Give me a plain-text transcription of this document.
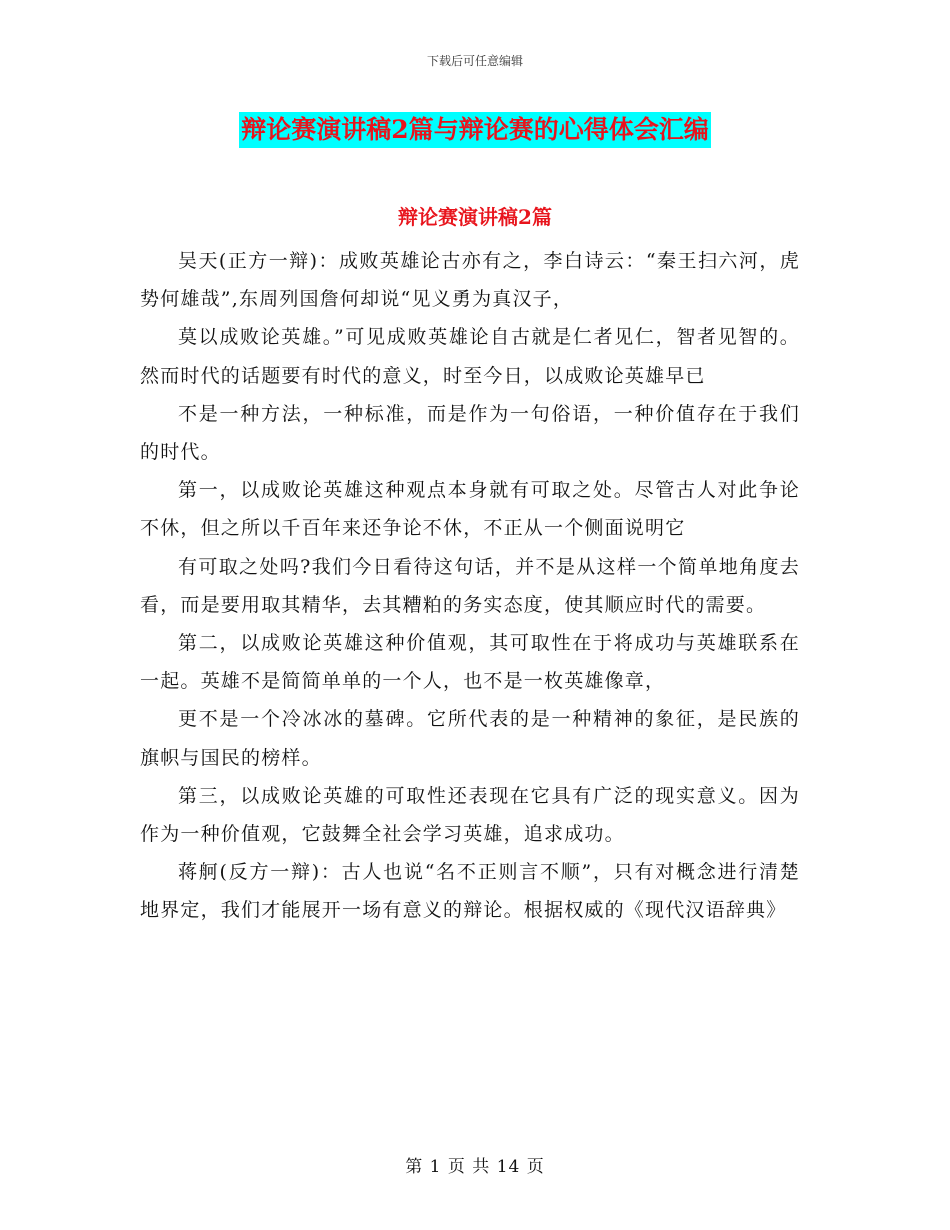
下载后可任意编辑
辩论赛演讲稿2篇与辩论赛的心得体会汇编
辩论赛演讲稿2篇

吴天(正方一辩)：成败英雄论古亦有之，李白诗云：“秦王扫六河，虎势何雄哉”,东周列国詹何却说“见义勇为真汉子，

莫以成败论英雄。”可见成败英雄论自古就是仁者见仁，智者见智的。然而时代的话题要有时代的意义，时至今日，以成败论英雄早已

不是一种方法，一种标准，而是作为一句俗语，一种价值存在于我们的时代。

第一，以成败论英雄这种观点本身就有可取之处。尽管古人对此争论不休，但之所以千百年来还争论不休，不正从一个侧面说明它

有可取之处吗?我们今日看待这句话，并不是从这样一个简单地角度去看，而是要用取其精华，去其糟粕的务实态度，使其顺应时代的需要。

第二，以成败论英雄这种价值观，其可取性在于将成功与英雄联系在一起。英雄不是简简单单的一个人，也不是一枚英雄像章，

更不是一个冷冰冰的墓碑。它所代表的是一种精神的象征，是民族的旗帜与国民的榜样。

第三，以成败论英雄的可取性还表现在它具有广泛的现实意义。因为作为一种价值观，它鼓舞全社会学习英雄，追求成功。

蒋舸(反方一辩)：古人也说“名不正则言不顺”，只有对概念进行清楚地界定，我们才能展开一场有意义的辩论。根据权威的《现代汉语辞典》

第 1 页 共 14 页
